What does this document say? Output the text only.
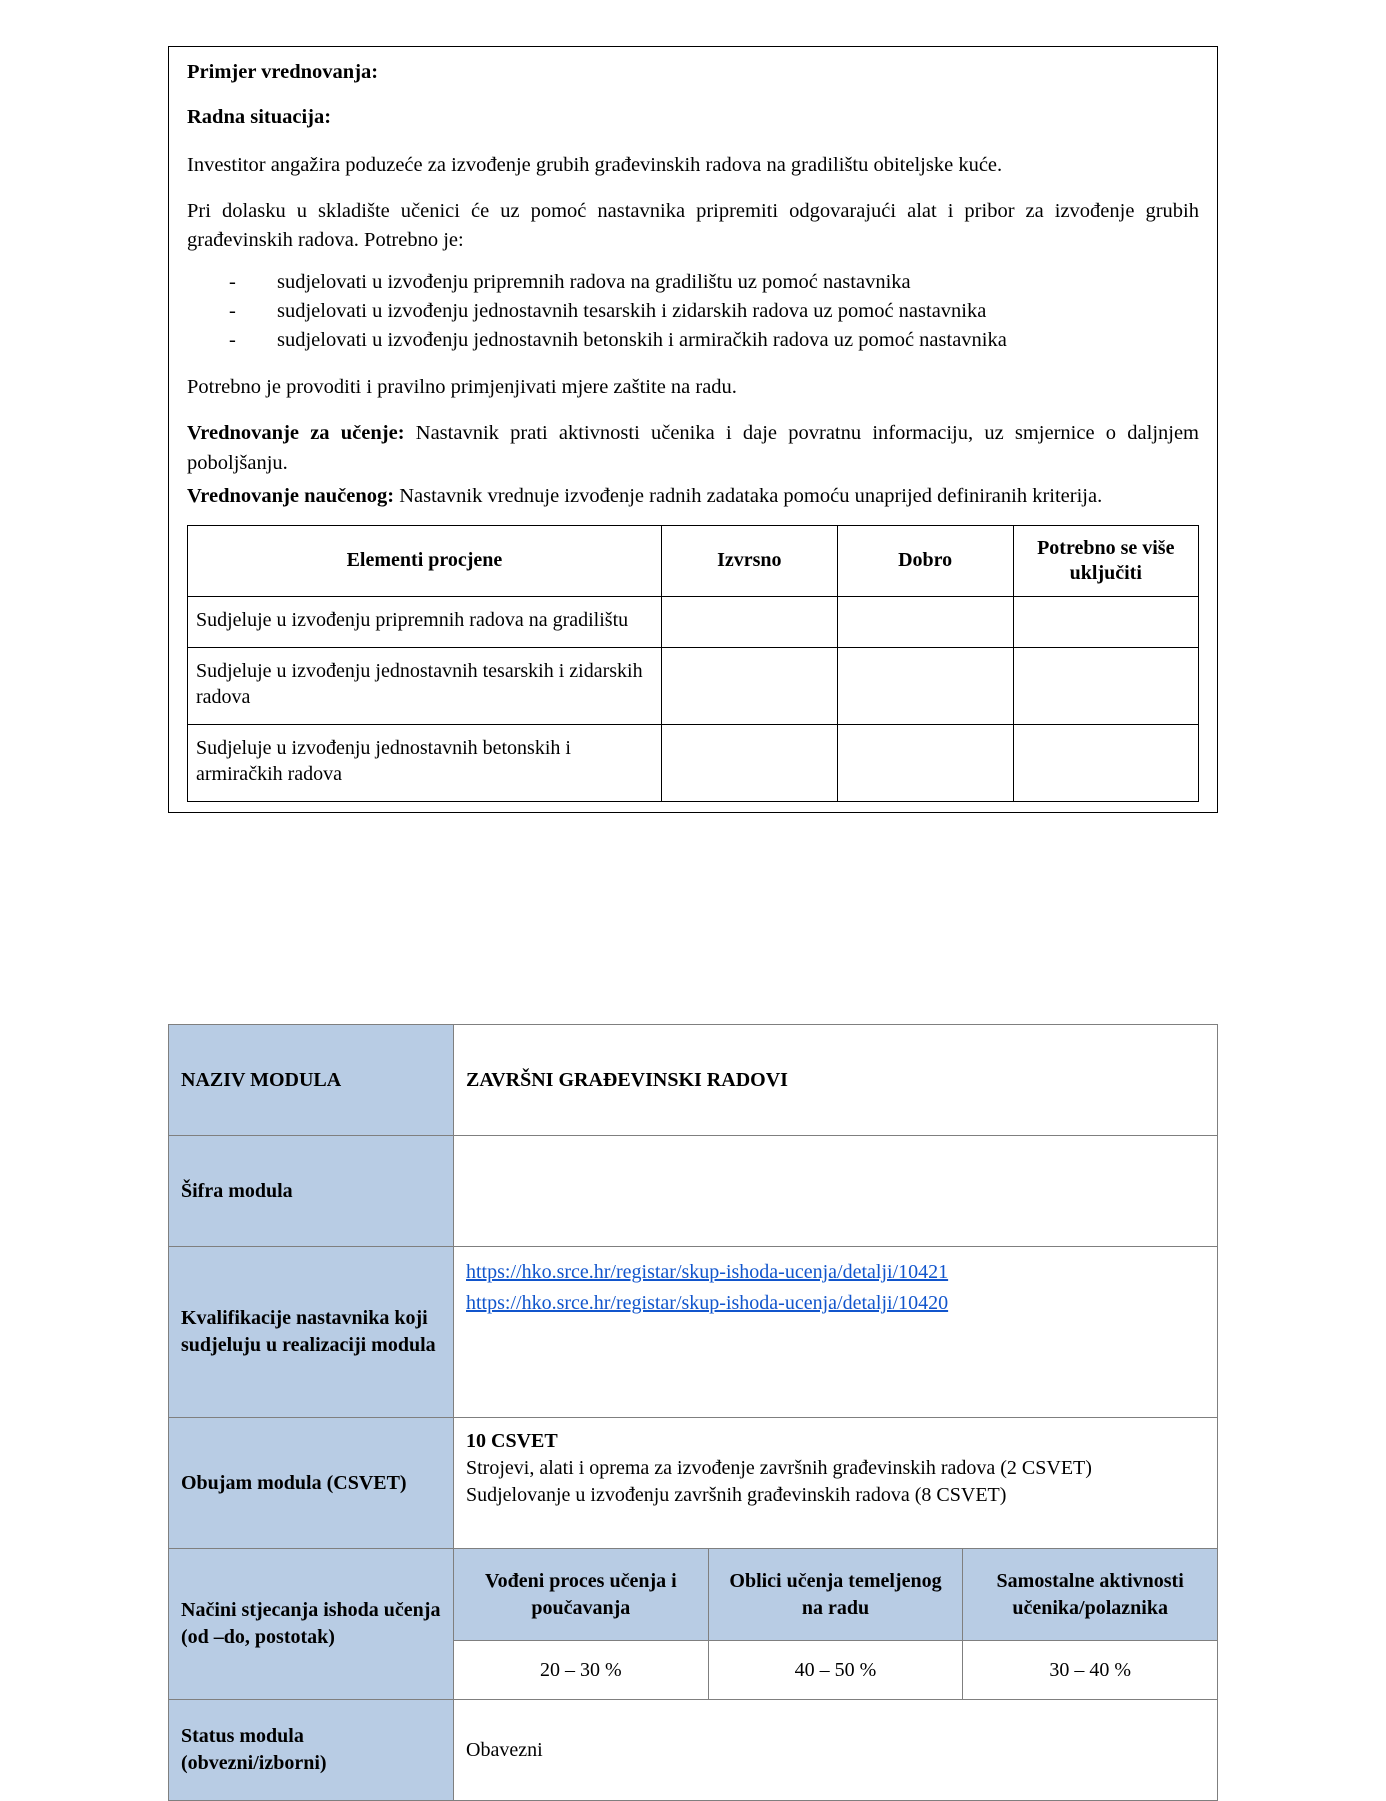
Primjer vrednovanja:
Radna situacija:

Investitor angažira poduzeće za izvođenje grubih građevinskih radova na gradilištu obiteljske kuće.

Pri dolasku u skladište učenici će uz pomoć nastavnika pripremiti odgovarajući alat i pribor za izvođenje grubih građevinskih radova. Potrebno je:

- sudjelovati u izvođenju pripremnih radova na gradilištu uz pomoć nastavnika
- sudjelovati u izvođenju jednostavnih tesarskih i zidarskih radova uz pomoć nastavnika
- sudjelovati u izvođenju jednostavnih betonskih i armiračkih radova uz pomoć nastavnika

Potrebno je provoditi i pravilno primjenjivati mjere zaštite na radu.

Vrednovanje za učenje: Nastavnik prati aktivnosti učenika i daje povratnu informaciju, uz smjernice o daljnjem poboljšanju.

Vrednovanje naučenog: Nastavnik vrednuje izvođenje radnih zadataka pomoću unaprijed definiranih kriterija.

Elementi procjene	Izvrsno	Dobro	Potrebno se više uključiti
Sudjeluje u izvođenju pripremnih radova na gradilištu			
Sudjeluje u izvođenju jednostavnih tesarskih i zidarskih radova			
Sudjeluje u izvođenju jednostavnih betonskih i armiračkih radova			
NAZIV MODULA	ZAVRŠNI GRAĐEVINSKI RADOVI		
Šifra modula			
Kvalifikacije nastavnika koji sudjeluju u realizaciji modula	https://hko.srce.hr/registar/skup-ishoda-ucenja/detalji/10421
https://hko.srce.hr/registar/skup-ishoda-ucenja/detalji/10420		

Obujam modula (CSVET)	10 CSVET
Strojevi, alati i oprema za izvođenje završnih građevinskih radova (2 CSVET)
Sudjelovanje u izvođenju završnih građevinskih radova (8 CSVET)		

Načini stjecanja ishoda učenja (od –do, postotak)	Vođeni proces učenja i poučavanja	Oblici učenja temeljenog na radu	Samostalne aktivnosti učenika/polaznika
	20 – 30 %	40 – 50 %	30 – 40 %
Status modula (obvezni/izborni)	Obavezni		
